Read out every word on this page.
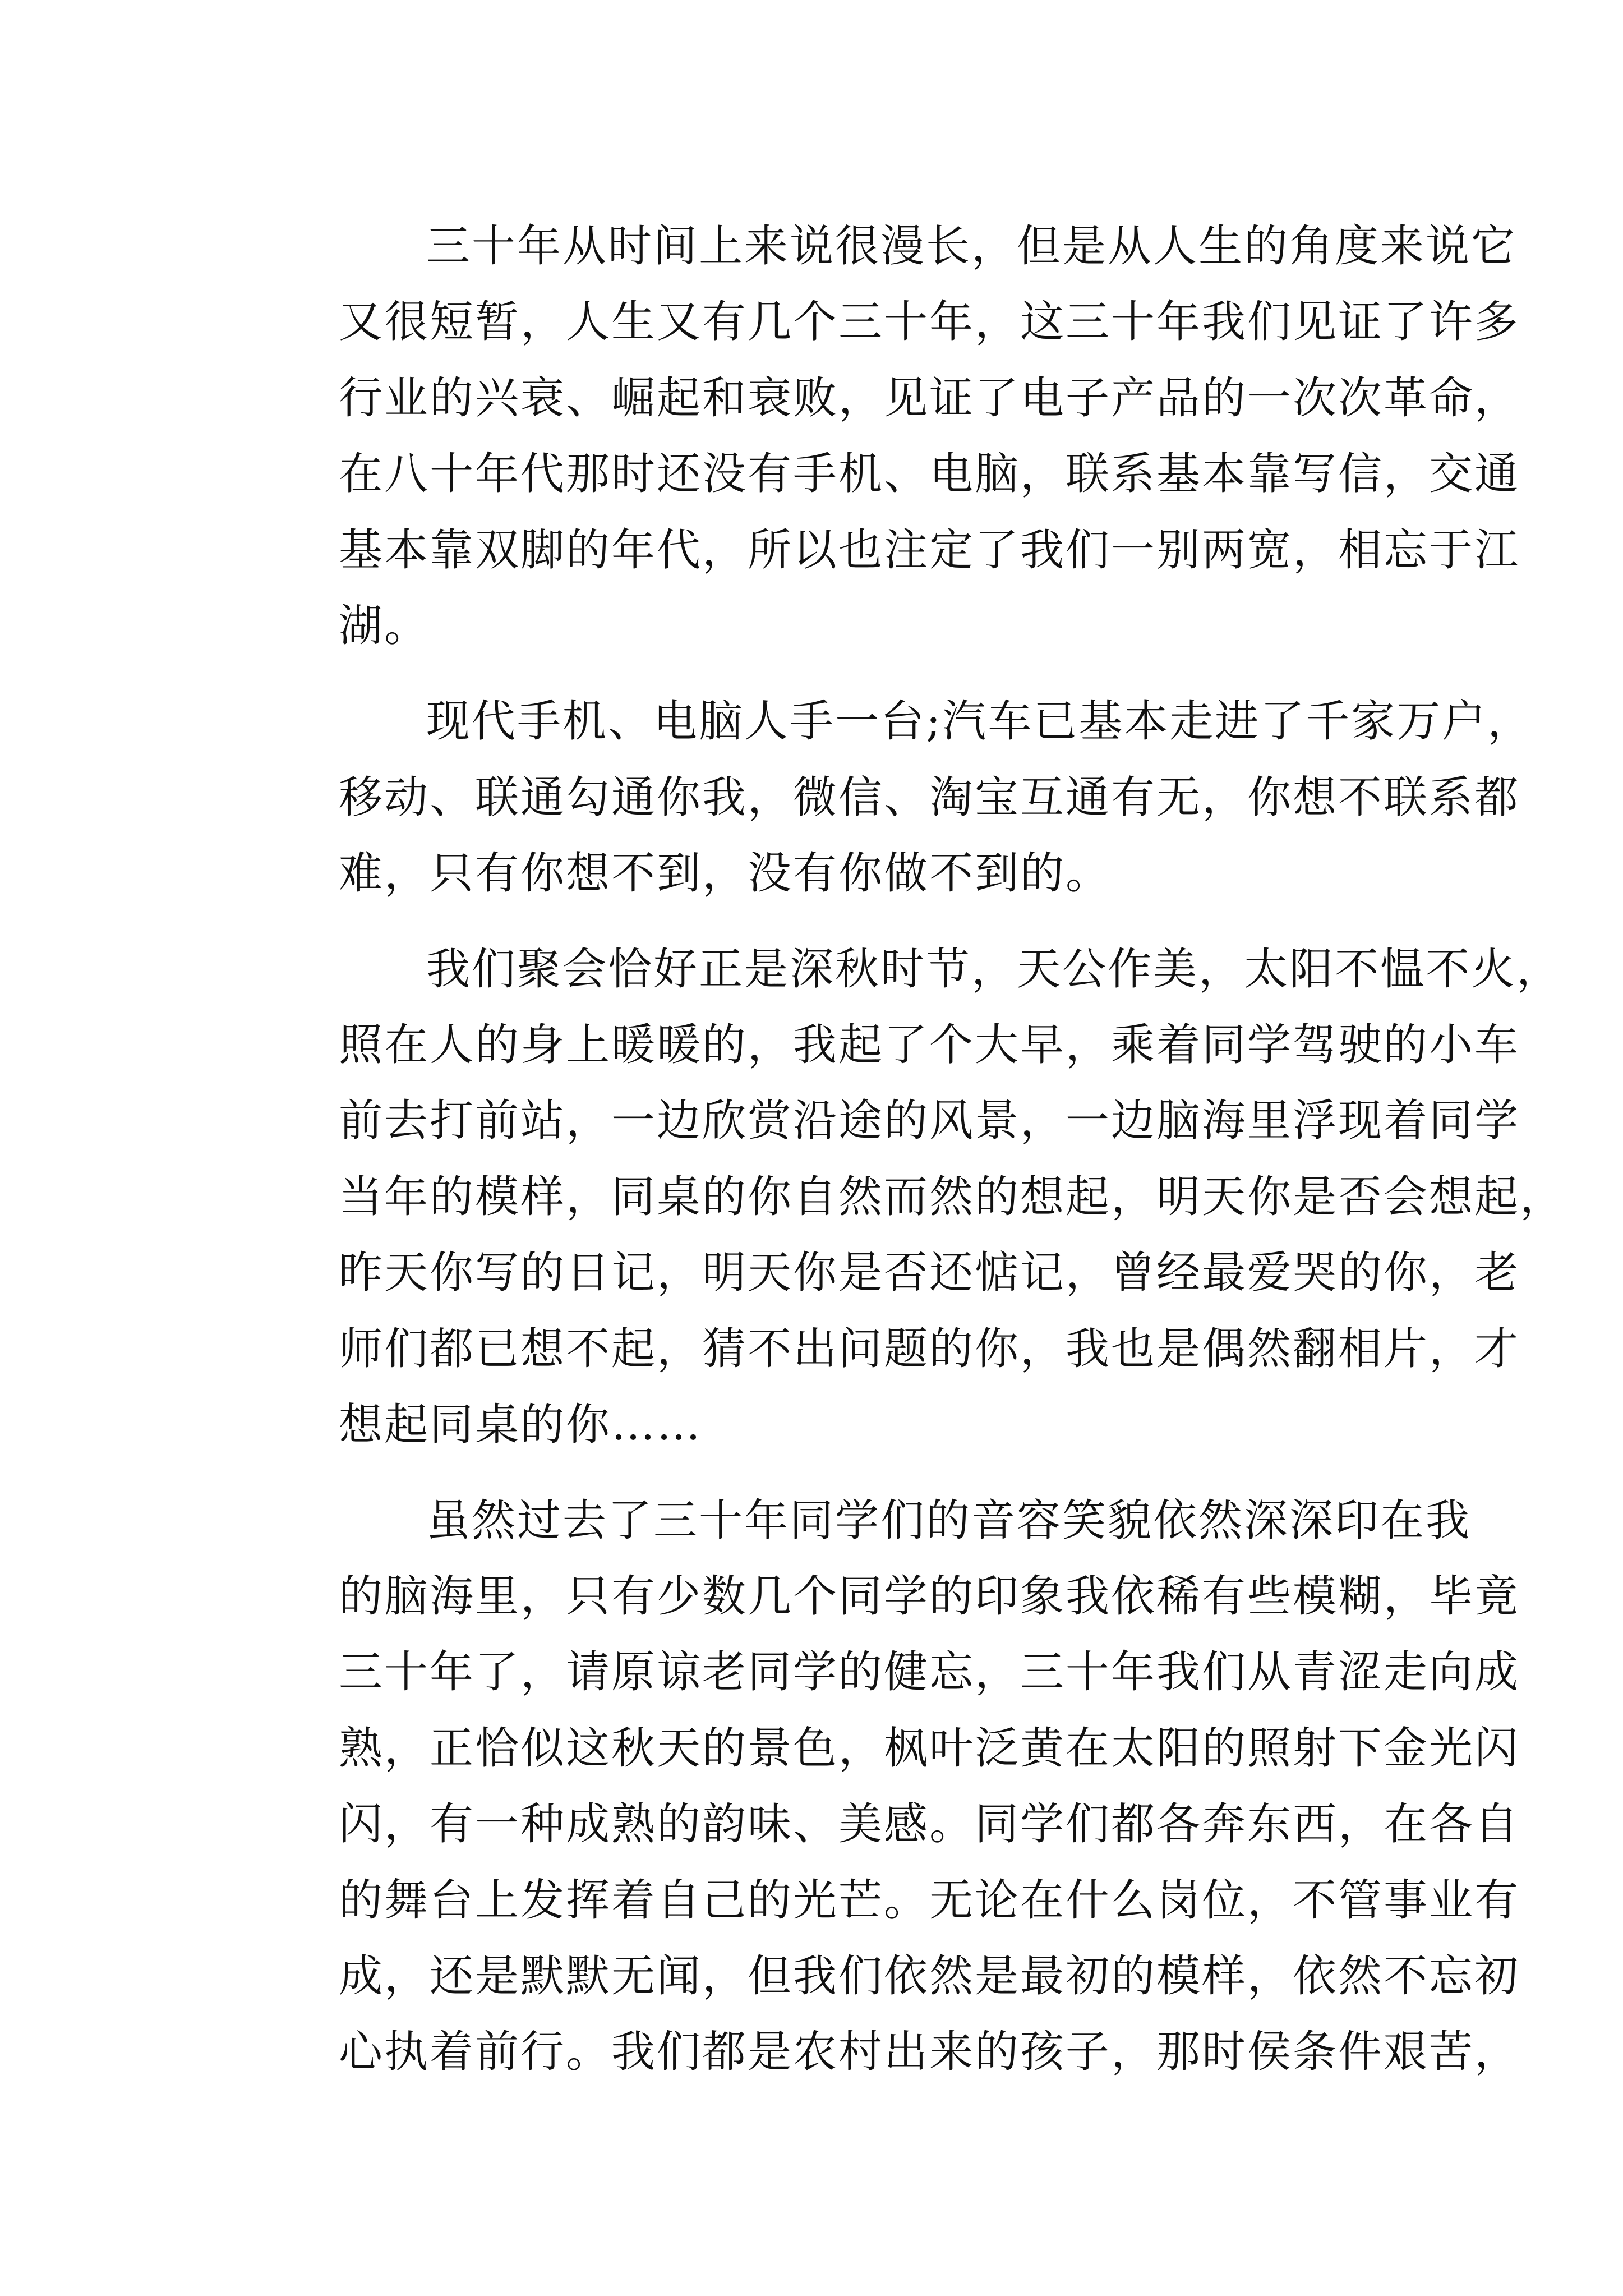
三十年从时间上来说很漫长，但是从人生的角度来说它
又很短暂，人生又有几个三十年，这三十年我们见证了许多
行业的兴衰、崛起和衰败，见证了电子产品的一次次革命，
在八十年代那时还没有手机、电脑，联系基本靠写信，交通
基本靠双脚的年代，所以也注定了我们一别两宽，相忘于江
湖。
现代手机、电脑人手一台;汽车已基本走进了千家万户，
移动、联通勾通你我，微信、淘宝互通有无，你想不联系都
难，只有你想不到，没有你做不到的。
我们聚会恰好正是深秋时节，天公作美，太阳不愠不火，
照在人的身上暖暖的，我起了个大早，乘着同学驾驶的小车
前去打前站，一边欣赏沿途的风景，一边脑海里浮现着同学
当年的模样，同桌的你自然而然的想起，明天你是否会想起，
昨天你写的日记，明天你是否还惦记，曾经最爱哭的你，老
师们都已想不起，猜不出问题的你，我也是偶然翻相片，才
想起同桌的你……
虽然过去了三十年同学们的音容笑貌依然深深印在我
的脑海里，只有少数几个同学的印象我依稀有些模糊，毕竟
三十年了，请原谅老同学的健忘，三十年我们从青涩走向成
熟，正恰似这秋天的景色，枫叶泛黄在太阳的照射下金光闪
闪，有一种成熟的韵味、美感。同学们都各奔东西，在各自
的舞台上发挥着自己的光芒。无论在什么岗位，不管事业有
成，还是默默无闻，但我们依然是最初的模样，依然不忘初
心执着前行。我们都是农村出来的孩子，那时侯条件艰苦，
